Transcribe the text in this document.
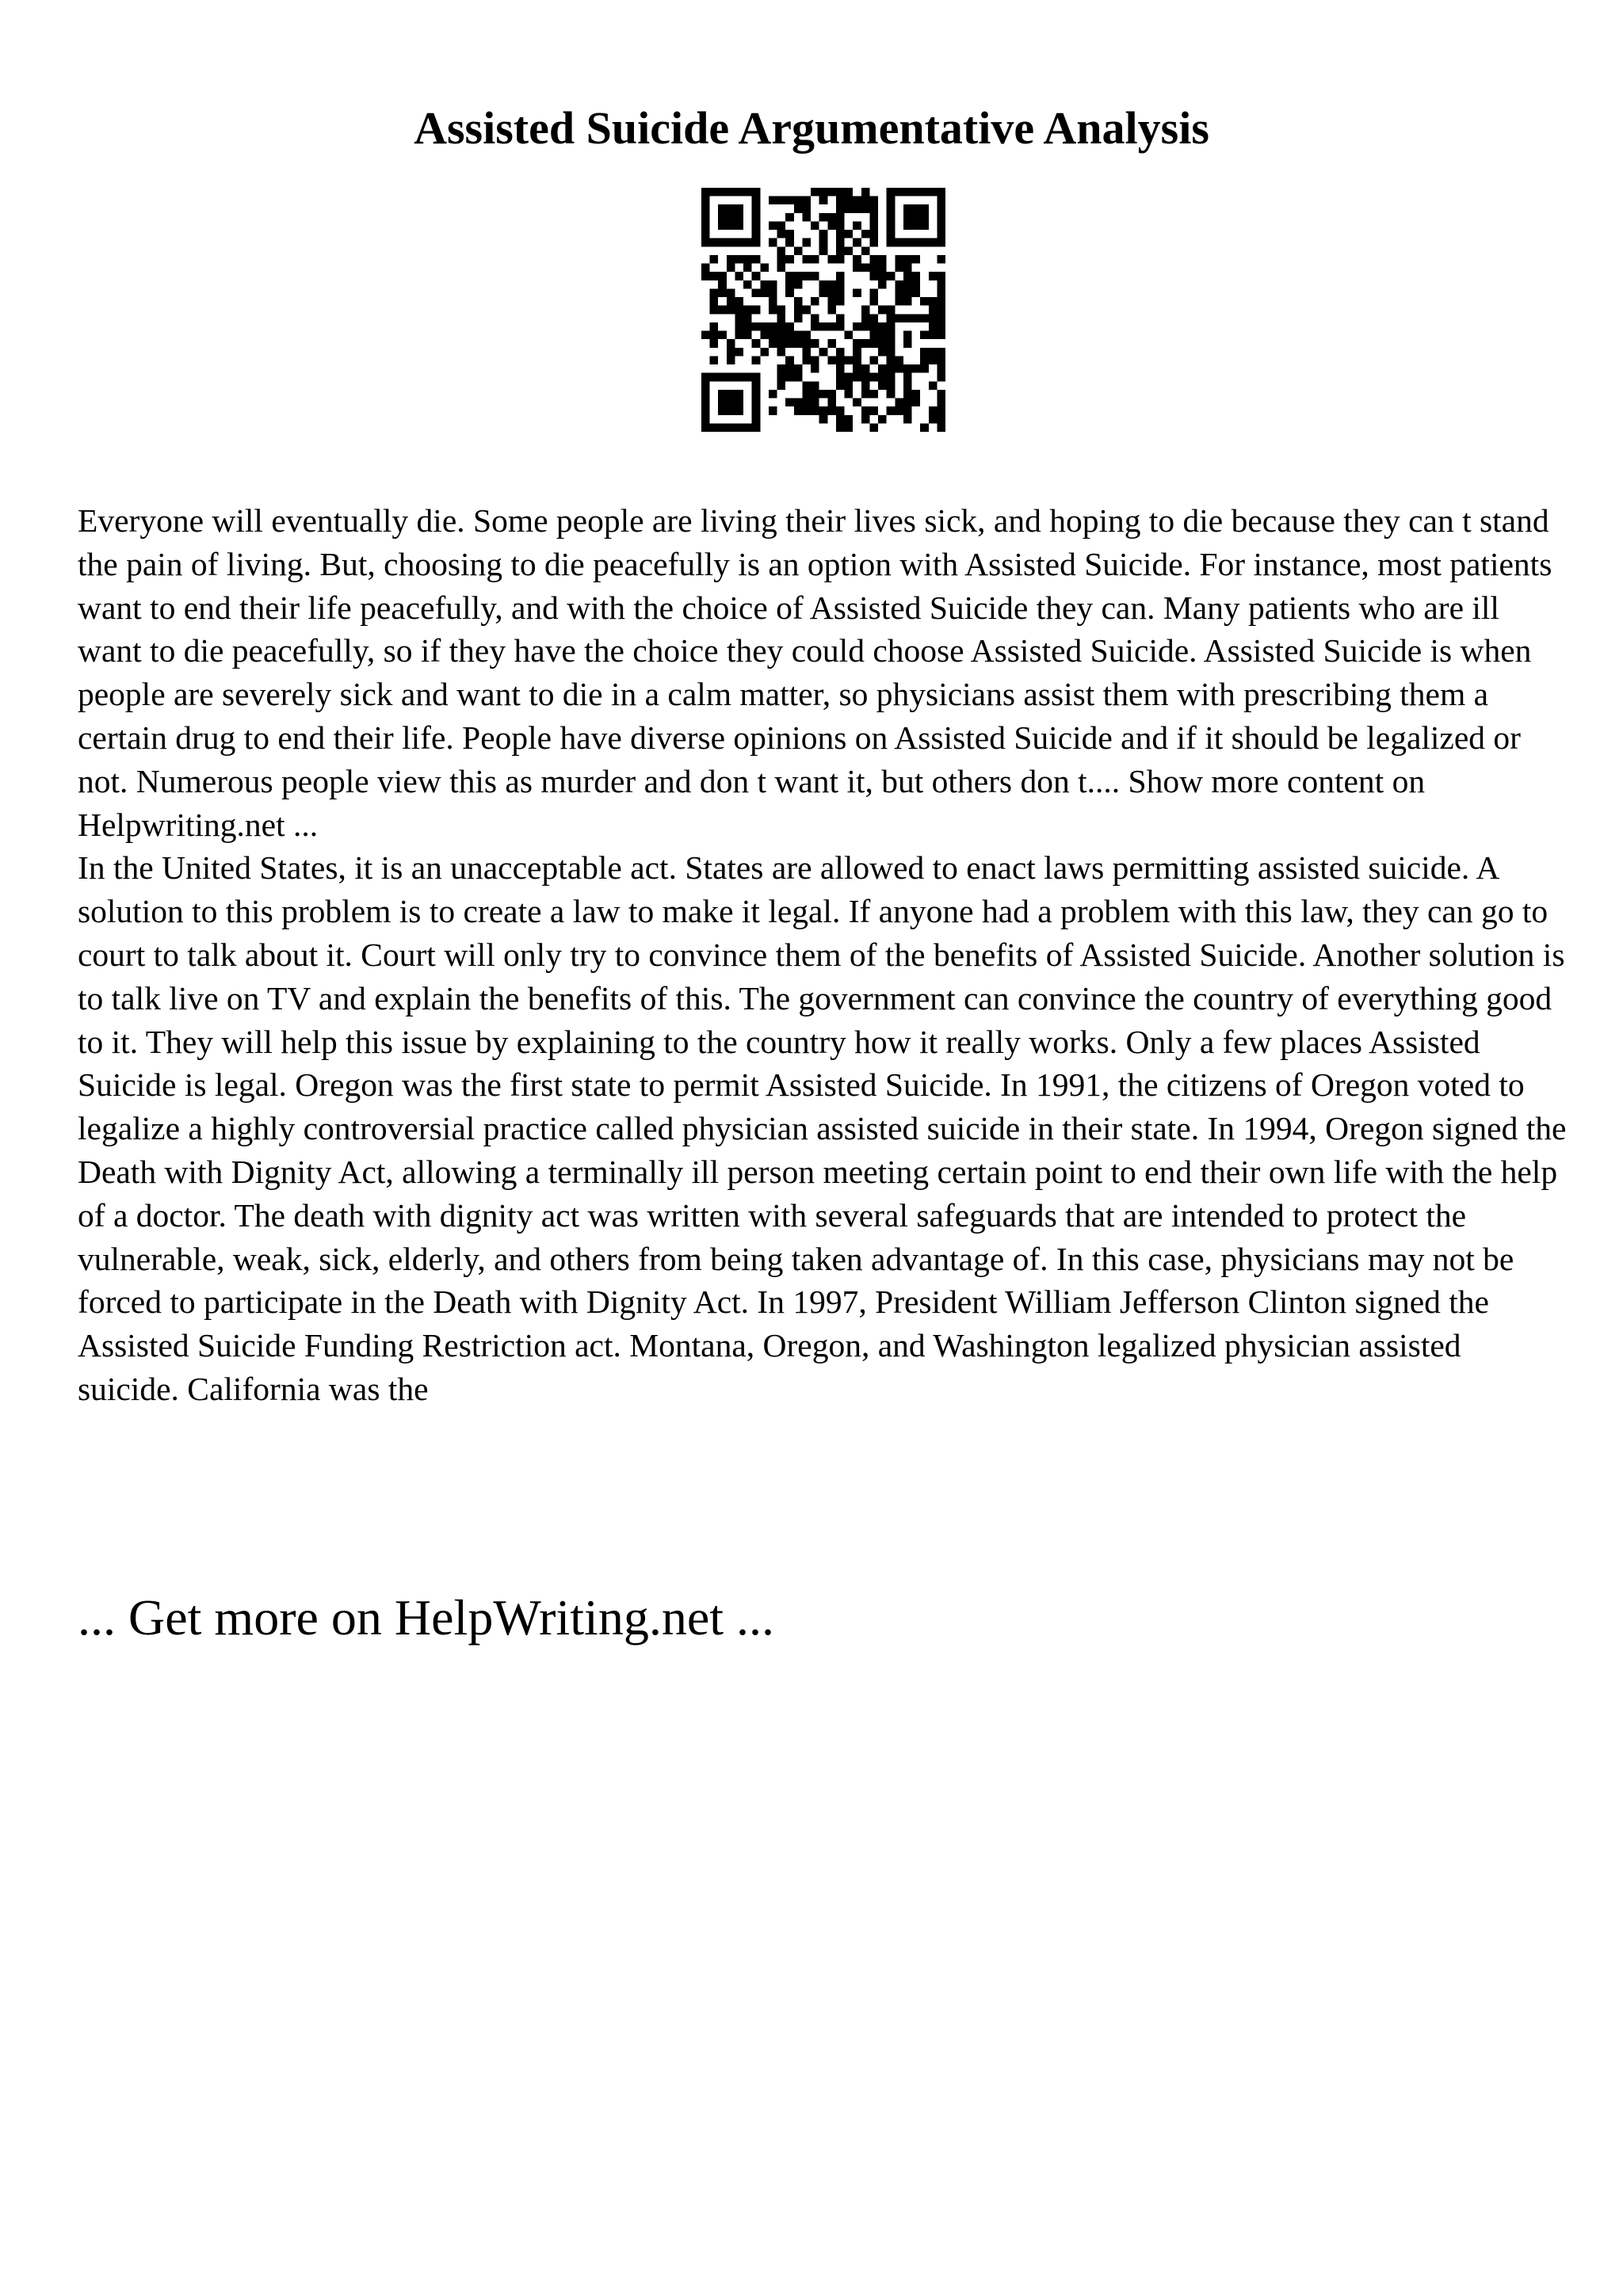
Assisted Suicide Argumentative Analysis

Everyone will eventually die. Some people are living their lives sick, and hoping to die because they can t stand the pain of living. But, choosing to die peacefully is an option with Assisted Suicide. For instance, most patients want to end their life peacefully, and with the choice of Assisted Suicide they can. Many patients who are ill want to die peacefully, so if they have the choice they could choose Assisted Suicide. Assisted Suicide is when people are severely sick and want to die in a calm matter, so physicians assist them with prescribing them a certain drug to end their life. People have diverse opinions on Assisted Suicide and if it should be legalized or not. Numerous people view this as murder and don t want it, but others don t.... Show more content on Helpwriting.net ...

In the United States, it is an unacceptable act. States are allowed to enact laws permitting assisted suicide. A solution to this problem is to create a law to make it legal. If anyone had a problem with this law, they can go to court to talk about it. Court will only try to convince them of the benefits of Assisted Suicide. Another solution is to talk live on TV and explain the benefits of this. The government can convince the country of everything good to it. They will help this issue by explaining to the country how it really works. Only a few places Assisted Suicide is legal. Oregon was the first state to permit Assisted Suicide. In 1991, the citizens of Oregon voted to legalize a highly controversial practice called physician assisted suicide in their state. In 1994, Oregon signed the Death with Dignity Act, allowing a terminally ill person meeting certain point to end their own life with the help of a doctor. The death with dignity act was written with several safeguards that are intended to protect the vulnerable, weak, sick, elderly, and others from being taken advantage of. In this case, physicians may not be forced to participate in the Death with Dignity Act. In 1997, President William Jefferson Clinton signed the Assisted Suicide Funding Restriction act. Montana, Oregon, and Washington legalized physician assisted suicide. California was the

... Get more on HelpWriting.net ...
